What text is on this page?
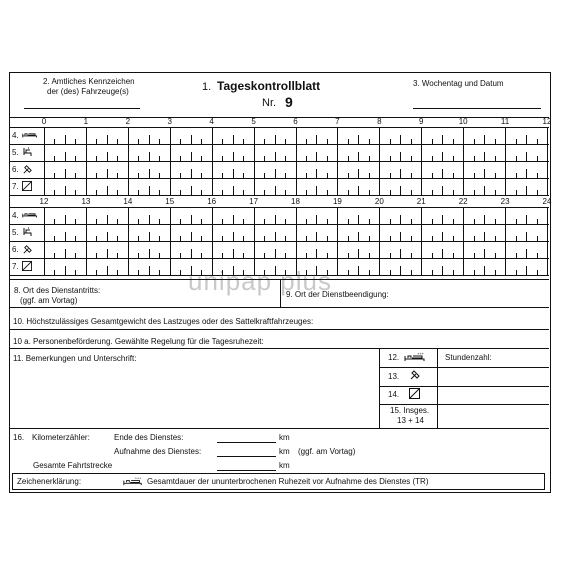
unipap plus
2. Amtliches Kennzeichen
der (des) Fahrzeuge(s)	1. Tageskontrollblatt
Nr. 9
3. Wochentag und Datum
0	1	2	3	4	5	6	7	8	9	10	11	12
4.
5.
6.
7.
12	13	14	15	16	17	18	19	20	21	22	23	24
4.
5.
6.
7.
8. Ort des Dienstantritts:
(ggf. am Vortag)
9. Ort der Dienstbeendigung:
10. Höchstzulässiges Gesamtgewicht des Lastzuges oder des Sattelkraftfahrzeuges:
10 a. Personenbeförderung. Gewählte Regelung für die Tagesruhezeit:
11. Bemerkungen und Unterschrift:	12.	+++	Stundenzahl:
13.
14.
15. Insges.
13 + 14
16. Kilometerzähler:	Ende des Dienstes:	km
Aufnahme des Dienstes:	km (ggf. am Vortag)
Gesamte Fahrtstrecke	km
Zeichenerklärung:	+++ Gesamtdauer der ununterbrochenen Ruhezeit vor Aufnahme des Dienstes (TR)
